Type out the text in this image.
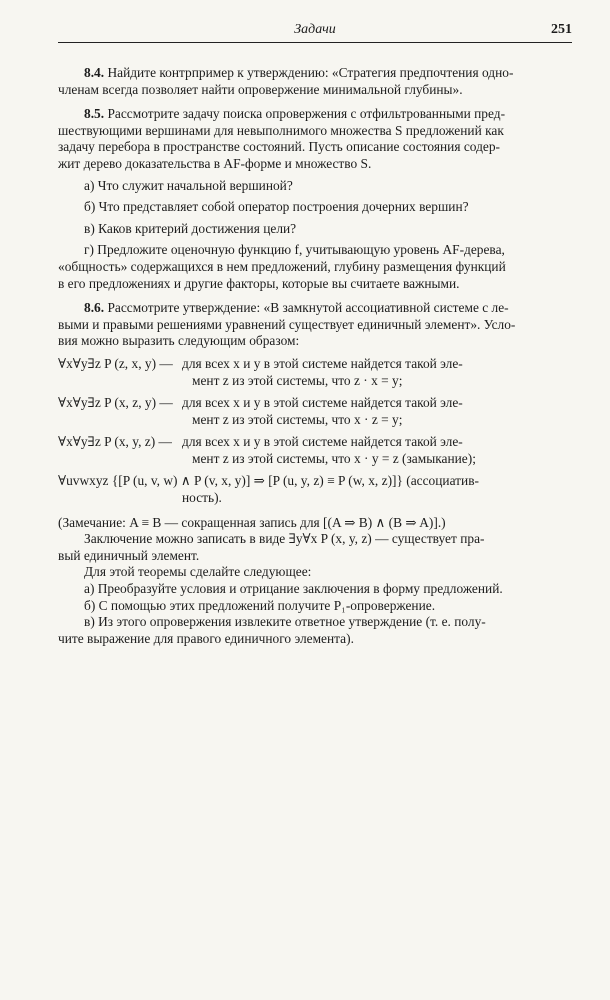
Задачи	251

8.4. Найдите контрпример к утверждению: «Стратегия предпочтения одно-

членам всегда позволяет найти опровержение минимальной глубины».

8.5. Рассмотрите задачу поиска опровержения с отфильтрованными пред-

шествующими вершинами для невыполнимого множества S предложений как

задачу перебора в пространстве состояний. Пусть описание состояния содер-

жит дерево доказательства в AF-форме и множество S.

а) Что служит начальной вершиной?

б) Что представляет собой оператор построения дочерних вершин?

в) Каков критерий достижения цели?

г) Предложите оценочную функцию f, учитывающую уровень AF-дерева,

«общность» содержащихся в нем предложений, глубину размещения функций

в его предложениях и другие факторы, которые вы считаете важными.

8.6. Рассмотрите утверждение: «В замкнутой ассоциативной системе с ле-

выми и правыми решениями уравнений существует единичный элемент». Усло-

вия можно выразить следующим образом:

∀x∀y∃z P (z, x, y) — для всех x и y в этой системе найдется такой эле-
мент z из этой системы, что z · x = y;
∀x∀y∃z P (x, z, y) — для всех x и y в этой системе найдется такой эле-
мент z из этой системы, что x · z = y;
∀x∀y∃z P (x, y, z) — для всех x и y в этой системе найдется такой эле-
мент z из этой системы, что x · y = z (замыкание);
∀uvwxyz {[P (u, v, w) ∧ P (v, x, y)] ⇒ [P (u, y, z) ≡ P (w, x, z)]} (ассоциатив-
ность).

(Замечание: A ≡ B — сокращенная запись для [(A ⇒ B) ∧ (B ⇒ A)].)

Заключение можно записать в виде ∃y∀x P (x, y, z) — существует пра-

вый единичный элемент.

Для этой теоремы сделайте следующее:

а) Преобразуйте условия и отрицание заключения в форму предложений.

б) С помощью этих предложений получите P₁-опровержение.

в) Из этого опровержения извлеките ответное утверждение (т. е. полу-

чите выражение для правого единичного элемента).
